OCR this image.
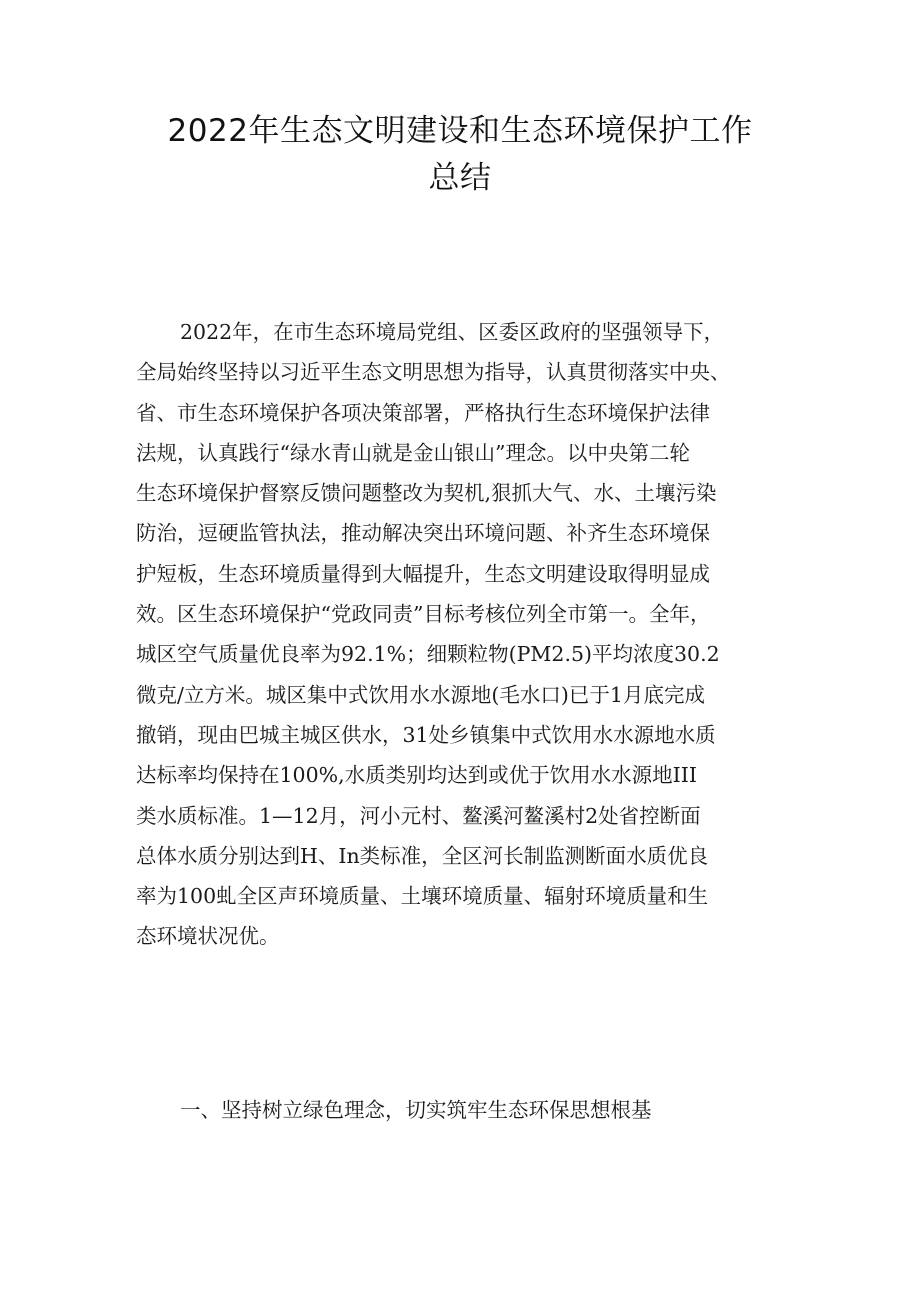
2022年生态文明建设和生态环境保护工作
总结
2022年，在市生态环境局党组、区委区政府的坚强领导下，
全局始终坚持以习近平生态文明思想为指导，认真贯彻落实中央、
省、市生态环境保护各项决策部署，严格执行生态环境保护法律
法规，认真践行“绿水青山就是金山银山”理念。以中央第二轮
生态环境保护督察反馈问题整改为契机,狠抓大气、水、土壤污染
防治，逗硬监管执法，推动解决突出环境问题、补齐生态环境保
护短板，生态环境质量得到大幅提升，生态文明建设取得明显成
效。区生态环境保护“党政同责”目标考核位列全市第一。全年，
城区空气质量优良率为92.1%；细颗粒物(PM2.5)平均浓度30.2
微克/立方米。城区集中式饮用水水源地(毛水口)已于1月底完成
撤销，现由巴城主城区供水，31处乡镇集中式饮用水水源地水质
达标率均保持在100%,水质类别均达到或优于饮用水水源地III
类水质标准。1—12月，河小元村、鳌溪河鳌溪村2处省控断面
总体水质分别达到H、In类标准，全区河长制监测断面水质优良
率为100虬全区声环境质量、土壤环境质量、辐射环境质量和生
态环境状况优。
一、坚持树立绿色理念，切实筑牢生态环保思想根基
